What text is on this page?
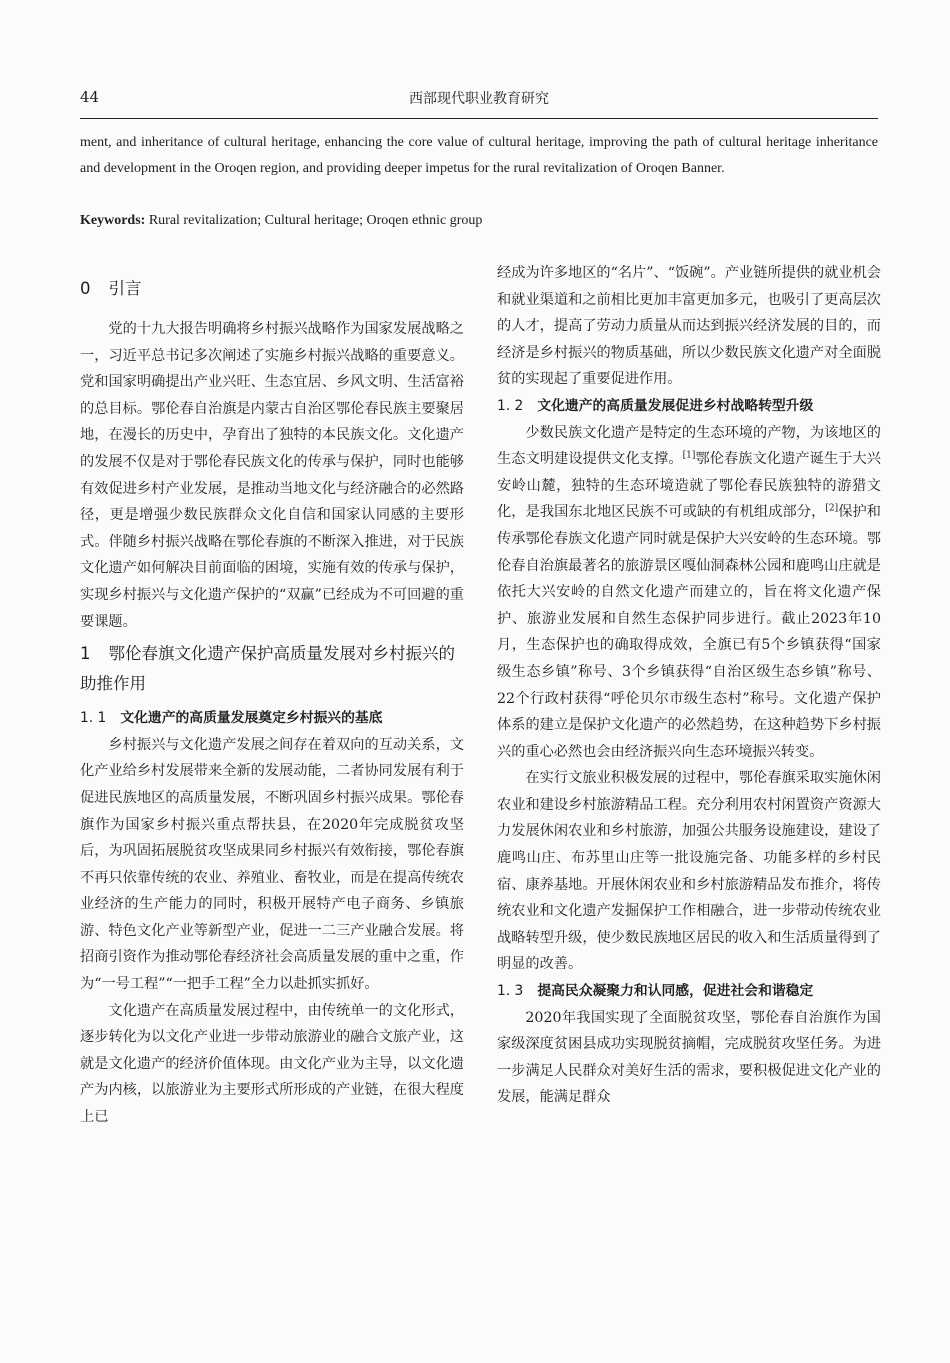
44	西部现代职业教育研究
ment, and inheritance of cultural heritage, enhancing the core value of cultural heritage, improving the path of cultural heritage inheritance and development in the Oroqen region, and providing deeper impetus for the rural revitalization of Oroqen Banner.
Keywords: Rural revitalization; Cultural heritage; Oroqen ethnic group
0 引言

党的十九大报告明确将乡村振兴战略作为国家发展战略之一，习近平总书记多次阐述了实施乡村振兴战略的重要意义。党和国家明确提出产业兴旺、生态宜居、乡风文明、生活富裕的总目标。鄂伦春自治旗是内蒙古自治区鄂伦春民族主要聚居地，在漫长的历史中，孕育出了独特的本民族文化。文化遗产的发展不仅是对于鄂伦春民族文化的传承与保护，同时也能够有效促进乡村产业发展，是推动当地文化与经济融合的必然路径，更是增强少数民族群众文化自信和国家认同感的主要形式。伴随乡村振兴战略在鄂伦春旗的不断深入推进，对于民族文化遗产如何解决目前面临的困境，实施有效的传承与保护，实现乡村振兴与文化遗产保护的“双赢”已经成为不可回避的重要课题。

1 鄂伦春旗文化遗产保护高质量发展对乡村振兴的助推作用
1. 1 文化遗产的高质量发展奠定乡村振兴的基底

乡村振兴与文化遗产发展之间存在着双向的互动关系，文化产业给乡村发展带来全新的发展动能，二者协同发展有利于促进民族地区的高质量发展，不断巩固乡村振兴成果。鄂伦春旗作为国家乡村振兴重点帮扶县，在2020年完成脱贫攻坚后，为巩固拓展脱贫攻坚成果同乡村振兴有效衔接，鄂伦春旗不再只依靠传统的农业、养殖业、畜牧业，而是在提高传统农业经济的生产能力的同时，积极开展特产电子商务、乡镇旅游、特色文化产业等新型产业，促进一二三产业融合发展。将招商引资作为推动鄂伦春经济社会高质量发展的重中之重，作为“一号工程”“一把手工程”全力以赴抓实抓好。

文化遗产在高质量发展过程中，由传统单一的文化形式，逐步转化为以文化产业进一步带动旅游业的融合文旅产业，这就是文化遗产的经济价值体现。由文化产业为主导，以文化遗产为内核，以旅游业为主要形式所形成的产业链，在很大程度上已

经成为许多地区的“名片”、“饭碗”。产业链所提供的就业机会和就业渠道和之前相比更加丰富更加多元，也吸引了更高层次的人才，提高了劳动力质量从而达到振兴经济发展的目的，而经济是乡村振兴的物质基础，所以少数民族文化遗产对全面脱贫的实现起了重要促进作用。

1. 2 文化遗产的高质量发展促进乡村战略转型升级

少数民族文化遗产是特定的生态环境的产物，为该地区的生态文明建设提供文化支撑。[1]鄂伦春族文化遗产诞生于大兴安岭山麓，独特的生态环境造就了鄂伦春民族独特的游猎文化，是我国东北地区民族不可或缺的有机组成部分，[2]保护和传承鄂伦春族文化遗产同时就是保护大兴安岭的生态环境。鄂伦春自治旗最著名的旅游景区嘎仙洞森林公园和鹿鸣山庄就是依托大兴安岭的自然文化遗产而建立的，旨在将文化遗产保护、旅游业发展和自然生态保护同步进行。截止2023年10月，生态保护也的确取得成效，全旗已有5个乡镇获得“国家级生态乡镇”称号、3个乡镇获得“自治区级生态乡镇”称号、22个行政村获得“呼伦贝尔市级生态村”称号。文化遗产保护体系的建立是保护文化遗产的必然趋势，在这种趋势下乡村振兴的重心必然也会由经济振兴向生态环境振兴转变。

在实行文旅业积极发展的过程中，鄂伦春旗采取实施休闲农业和建设乡村旅游精品工程。充分利用农村闲置资产资源大力发展休闲农业和乡村旅游，加强公共服务设施建设，建设了鹿鸣山庄、布苏里山庄等一批设施完备、功能多样的乡村民宿、康养基地。开展休闲农业和乡村旅游精品发布推介，将传统农业和文化遗产发掘保护工作相融合，进一步带动传统农业战略转型升级，使少数民族地区居民的收入和生活质量得到了明显的改善。

1. 3 提高民众凝聚力和认同感，促进社会和谐稳定

2020年我国实现了全面脱贫攻坚，鄂伦春自治旗作为国家级深度贫困县成功实现脱贫摘帽，完成脱贫攻坚任务。为进一步满足人民群众对美好生活的需求，要积极促进文化产业的发展，能满足群众
